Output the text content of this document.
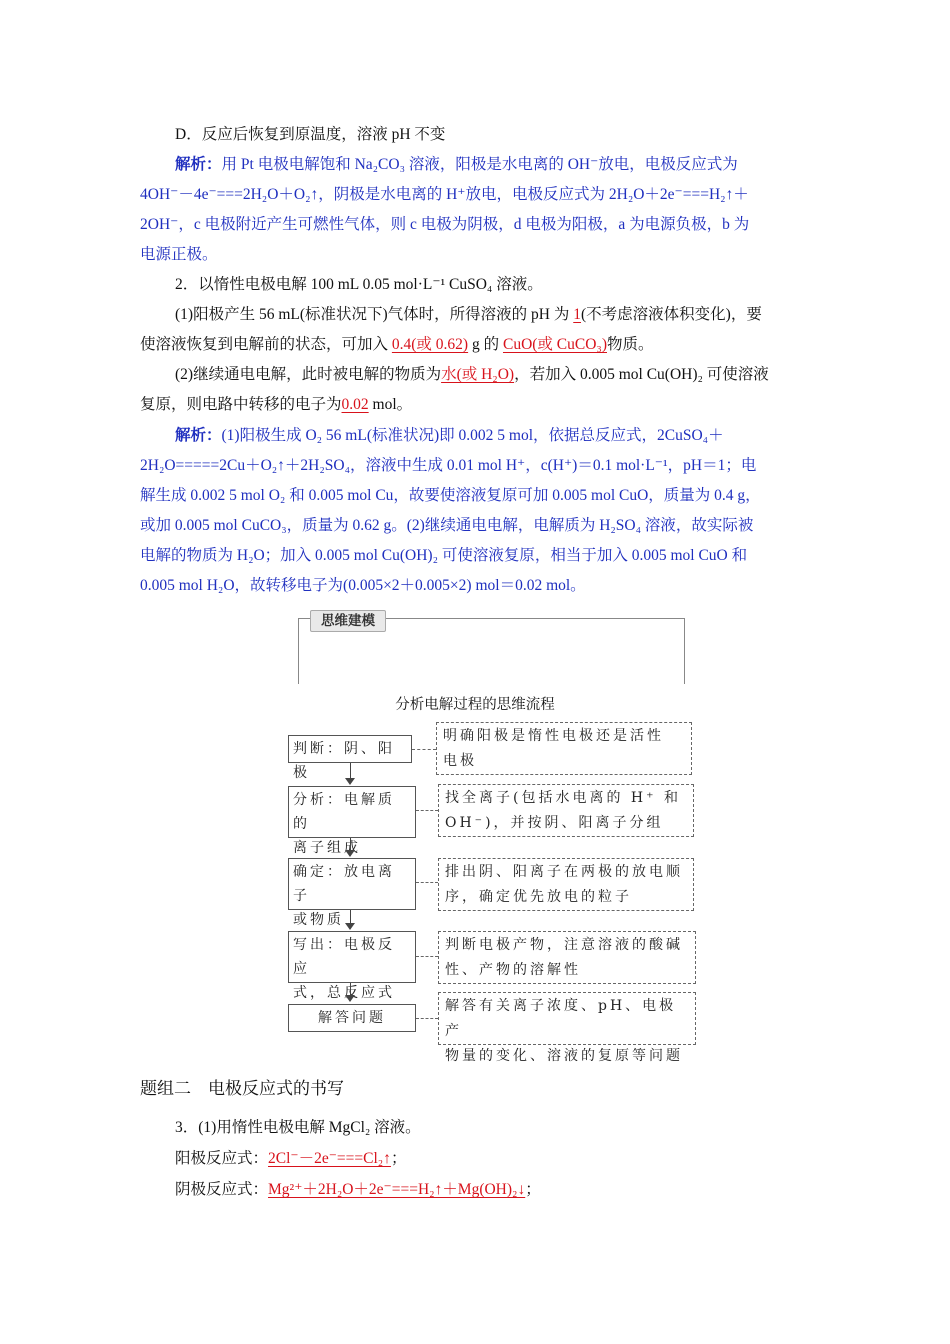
D．反应后恢复到原温度，溶液 pH 不变
解析：用 Pt 电极电解饱和 Na₂CO₃ 溶液，阳极是水电离的 OH⁻放电，电极反应式为
4OH⁻－4e⁻===2H₂O＋O₂↑，阴极是水电离的 H⁺放电，电极反应式为 2H₂O＋2e⁻===H₂↑＋
2OH⁻，c 电极附近产生可燃性气体，则 c 电极为阴极，d 电极为阳极，a 为电源负极，b 为
电源正极。
2．以惰性电极电解 100 mL 0.05 mol·L⁻¹ CuSO₄ 溶液。
(1)阳极产生 56 mL(标准状况下)气体时，所得溶液的 pH 为 1(不考虑溶液体积变化)，要
使溶液恢复到电解前的状态，可加入 0.4(或 0.62) g 的 CuO(或 CuCO₃)物质。
(2)继续通电电解，此时被电解的物质为水(或 H₂O)，若加入 0.005 mol Cu(OH)₂ 可使溶液
复原，则电路中转移的电子为0.02 mol。
解析：(1)阳极生成 O₂ 56 mL(标准状况)即 0.002 5 mol，依据总反应式，2CuSO₄＋
2H₂O=====2Cu＋O₂↑＋2H₂SO₄，溶液中生成 0.01 mol H⁺，c(H⁺)＝0.1 mol·L⁻¹，pH＝1；电
解生成 0.002 5 mol O₂ 和 0.005 mol Cu，故要使溶液复原可加 0.005 mol CuO，质量为 0.4 g，
或加 0.005 mol CuCO₃，质量为 0.62 g。(2)继续通电电解，电解质为 H₂SO₄ 溶液，故实际被
电解的物质为 H₂O；加入 0.005 mol Cu(OH)₂ 可使溶液复原，相当于加入 0.005 mol CuO 和
0.005 mol H₂O，故转移电子为(0.005×2＋0.005×2) mol＝0.02 mol。
思维建模
分析电解过程的思维流程
判断：阴、阳极
明确阳极是惰性电极还是活性
电极
分析：电解质的
离子组成
找全离子(包括水电离的 H⁺ 和
OH⁻)，并按阴、阳离子分组
确定：放电离子
或物质
排出阴、阳离子在两极的放电顺
序，确定优先放电的粒子
写出：电极反应
式，总反应式
判断电极产物，注意溶液的酸碱
性、产物的溶解性
解答问题
解答有关离子浓度、pH、电极产
物量的变化、溶液的复原等问题
题组二　电极反应式的书写
3．(1)用惰性电极电解 MgCl₂ 溶液。
阳极反应式：2Cl⁻－2e⁻===Cl₂↑；
阴极反应式：Mg²⁺＋2H₂O＋2e⁻===H₂↑＋Mg(OH)₂↓；
